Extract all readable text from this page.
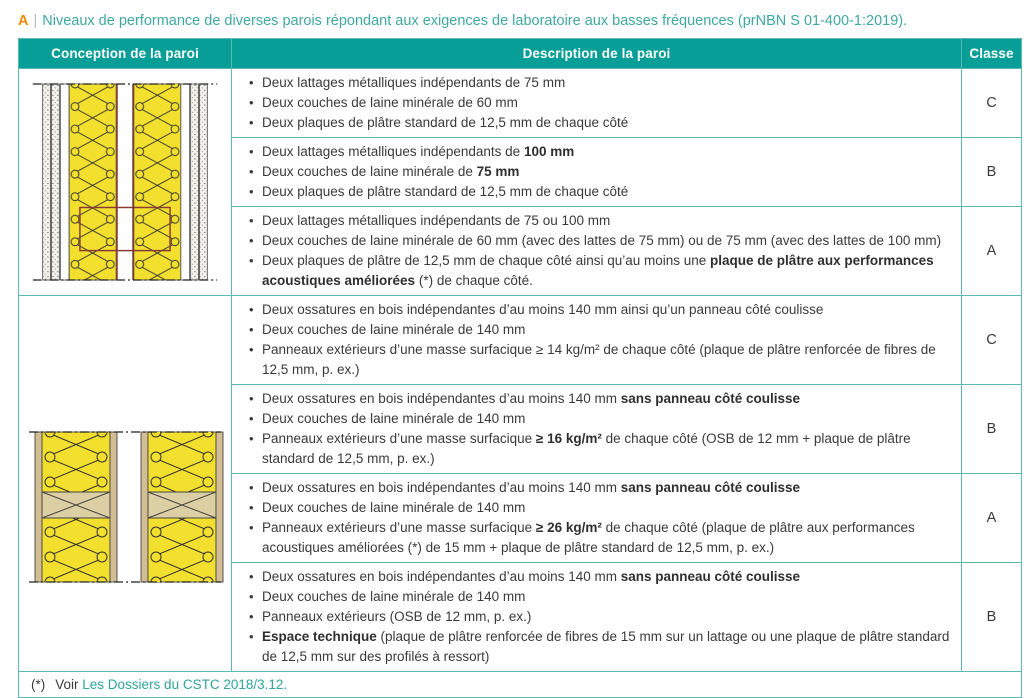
A | Niveaux de performance de diverses parois répondant aux exigences de laboratoire aux basses fréquences (prNBN S 01-400-1:2019).
Conception de la paroi	Description de la paroi	Classe

• Deux lattages métalliques indépendants de 75 mm
• Deux couches de laine minérale de 60 mm
• Deux plaques de plâtre standard de 12,5 mm de chaque côté
	C

• Deux lattages métalliques indépendants de 100 mm
• Deux couches de laine minérale de 75 mm
• Deux plaques de plâtre standard de 12,5 mm de chaque côté
	B

• Deux lattages métalliques indépendants de 75 ou 100 mm
• Deux couches de laine minérale de 60 mm (avec des lattes de 75 mm) ou de 75 mm (avec des lattes de 100 mm)
• Deux plaques de plâtre de 12,5 mm de chaque côté ainsi qu’au moins une plaque de plâtre aux performances acoustiques améliorées (*) de chaque côté.
	A

• Deux ossatures en bois indépendantes d’au moins 140 mm ainsi qu’un panneau côté coulisse
• Deux couches de laine minérale de 140 mm
• Panneaux extérieurs d’une masse surfacique ≥ 14 kg/m² de chaque côté (plaque de plâtre renforcée de fibres de 12,5 mm, p. ex.)
	C

• Deux ossatures en bois indépendantes d’au moins 140 mm sans panneau côté coulisse
• Deux couches de laine minérale de 140 mm
• Panneaux extérieurs d’une masse surfacique ≥ 16 kg/m² de chaque côté (OSB de 12 mm + plaque de plâtre standard de 12,5 mm, p. ex.)
	B

• Deux ossatures en bois indépendantes d’au moins 140 mm sans panneau côté coulisse
• Deux couches de laine minérale de 140 mm
• Panneaux extérieurs d’une masse surfacique ≥ 26 kg/m² de chaque côté (plaque de plâtre aux performances acoustiques améliorées (*) de 15 mm + plaque de plâtre standard de 12,5 mm, p. ex.)
	A

• Deux ossatures en bois indépendantes d’au moins 140 mm sans panneau côté coulisse
• Deux couches de laine minérale de 140 mm
• Panneaux extérieurs (OSB de 12 mm, p. ex.)
• Espace technique (plaque de plâtre renforcée de fibres de 15 mm sur un lattage ou une plaque de plâtre standard de 12,5 mm sur des profilés à ressort)
	B
(*) Voir Les Dossiers du CSTC 2018/3.12.		
